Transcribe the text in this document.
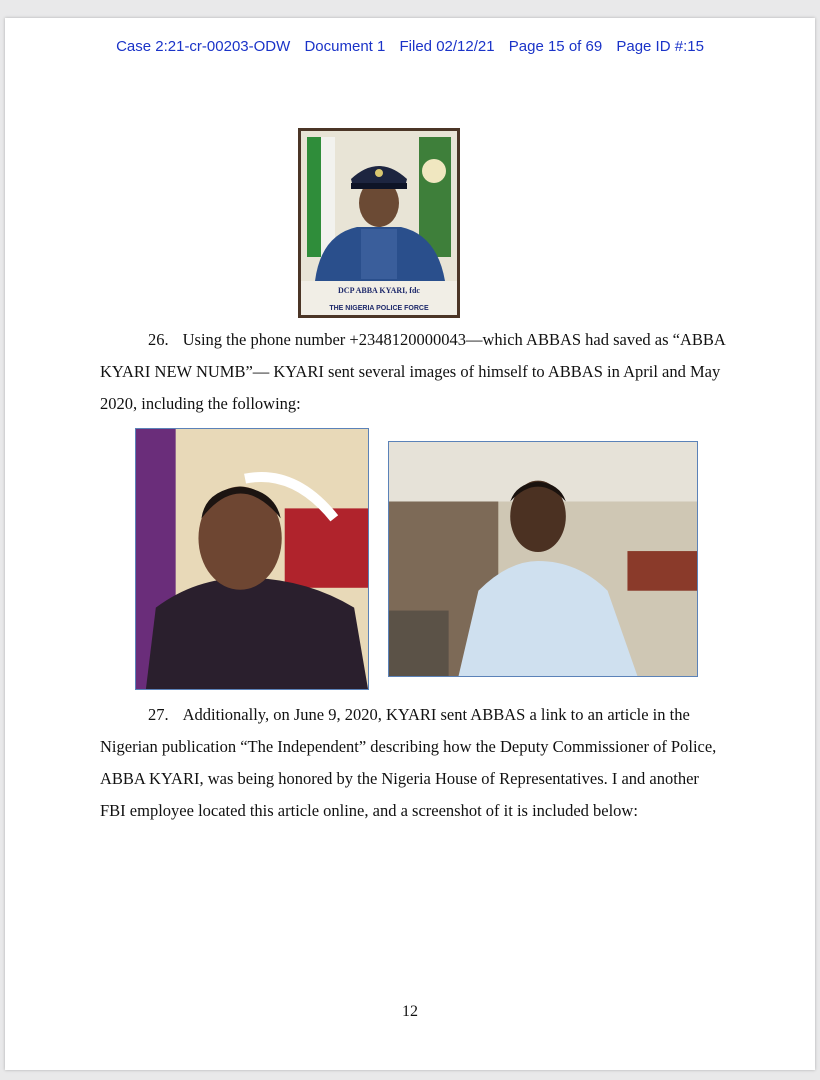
Case 2:21-cr-00203-ODW Document 1 Filed 02/12/21 Page 15 of 69 Page ID #:15
DCP ABBA KYARI, fdc
THE NIGERIA POLICE FORCE
26. Using the phone number +2348120000043—which ABBAS had saved as “ABBA KYARI NEW NUMB”— KYARI sent several images of himself to ABBAS in April and May 2020, including the following:
27. Additionally, on June 9, 2020, KYARI sent ABBAS a link to an article in the Nigerian publication “The Independent” describing how the Deputy Commissioner of Police, ABBA KYARI, was being honored by the Nigeria House of Representatives. I and another FBI employee located this article online, and a screenshot of it is included below:
12
